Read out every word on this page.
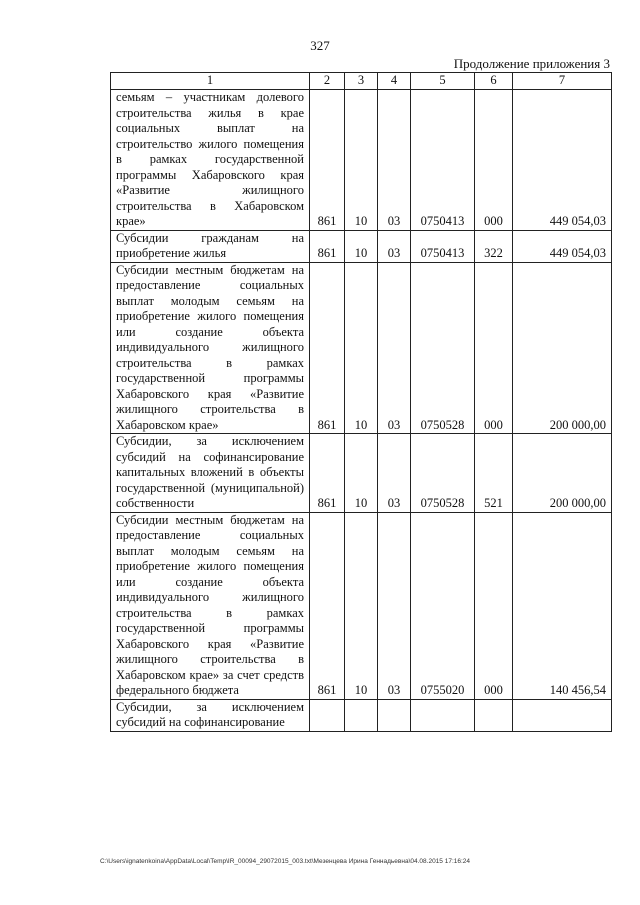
327
Продолжение приложения 3
1	2	3	4	5	6	7

семьям – участникам долевого строительства жилья в крае социальных выплат на строительство жилого помещения в рамках государственной программы Хабаровского края «Развитие жилищного строительства в Хабаровском крае»	861	10	03	0750413	000	449 054,03

Субсидии гражданам на приобретение жилья	861	10	03	0750413	322	449 054,03

Субсидии местным бюджетам на предоставление социальных выплат молодым семьям на приобретение жилого помещения или создание объекта индивидуального жилищного строительства в рамках государственной программы Хабаровского края «Развитие жилищного строительства в Хабаровском крае»	861	10	03	0750528	000	200 000,00

Субсидии, за исключением субсидий на софинансирование капитальных вложений в объекты государственной (муниципальной) собственности	861	10	03	0750528	521	200 000,00

Субсидии местным бюджетам на предоставление социальных выплат молодым семьям на приобретение жилого помещения или создание объекта индивидуального жилищного строительства в рамках государственной программы Хабаровского края «Развитие жилищного строительства в Хабаровском крае» за счет средств федерального бюджета	861	10	03	0755020	000	140 456,54

Субсидии, за исключением субсидий на софинансирование						

C:\Users\ignatenkoina\AppData\Local\Temp\IR_00094_29072015_003.txt\Мезенцева Ирина Геннадьевна\04.08.2015 17:16:24
